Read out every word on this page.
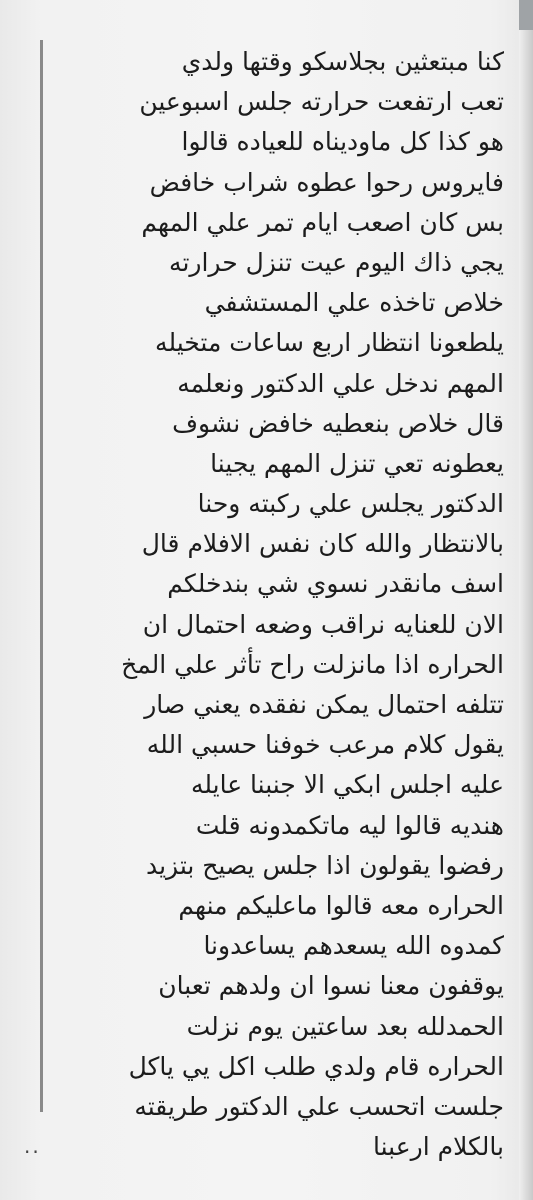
كنا مبتعثين بجلاسكو وقتها ولدي
تعب ارتفعت حرارته جلس اسبوعين
هو كذا كل ماوديناه للعياده قالوا
فايروس رحوا عطوه شراب خافض
بس كان اصعب ايام تمر علي المهم
يجي ذاك اليوم عيت تنزل حرارته
خلاص تاخذه علي المستشفي
يلطعونا انتظار اربع ساعات متخيله
المهم ندخل علي الدكتور ونعلمه
قال خلاص بنعطيه خافض نشوف
يعطونه تعي تنزل المهم يجينا
الدكتور يجلس علي ركبته وحنا
بالانتظار والله كان نفس الافلام قال
اسف مانقدر نسوي شي بندخلكم
الان للعنايه نراقب وضعه احتمال ان
الحراره اذا مانزلت راح تأثر علي المخ
تتلفه احتمال يمكن نفقده يعني صار
يقول كلام مرعب خوفنا حسبي الله
عليه اجلس ابكي الا جنبنا عايله
هنديه قالوا ليه ماتكمدونه قلت
رفضوا يقولون اذا جلس يصيح بتزيد
الحراره معه قالوا ماعليكم منهم
كمدوه الله يسعدهم يساعدونا
يوقفون معنا نسوا ان ولدهم تعبان
الحمدلله بعد ساعتين يوم نزلت
الحراره قام ولدي طلب اكل يي ياكل
جلست اتحسب علي الدكتور طريقته
بالكلام ارعبنا
..
